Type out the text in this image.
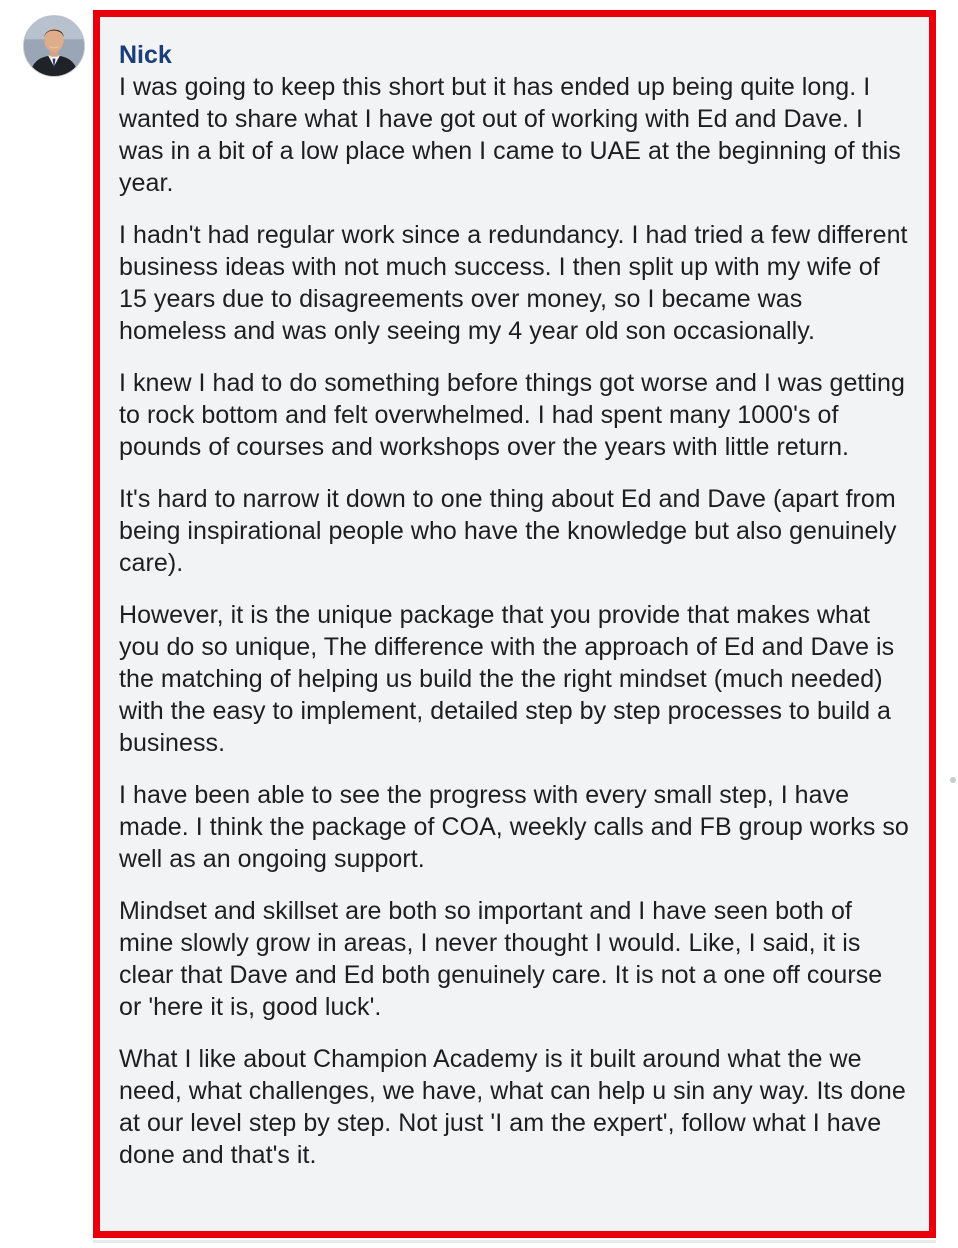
Nick

I was going to keep this short but it has ended up being quite long. I wanted to share what I have got out of working with Ed and Dave. I was in a bit of a low place when I came to UAE at the beginning of this year.

I hadn't had regular work since a redundancy. I had tried a few different business ideas with not much success. I then split up with my wife of 15 years due to disagreements over money, so I became was homeless and was only seeing my 4 year old son occasionally.

I knew I had to do something before things got worse and I was getting to rock bottom and felt overwhelmed. I had spent many 1000's of pounds of courses and workshops over the years with little return.

It's hard to narrow it down to one thing about Ed and Dave (apart from being inspirational people who have the knowledge but also genuinely care).

However, it is the unique package that you provide that makes what you do so unique, The difference with the approach of Ed and Dave is the matching of helping us build the the right mindset (much needed) with the easy to implement, detailed step by step processes to build a business.

I have been able to see the progress with every small step, I have made. I think the package of COA, weekly calls and FB group works so well as an ongoing support.

Mindset and skillset are both so important and I have seen both of mine slowly grow in areas, I never thought I would. Like, I said, it is clear that Dave and Ed both genuinely care. It is not a one off course or 'here it is, good luck'.

What I like about Champion Academy is it built around what the we need, what challenges, we have, what can help u sin any way. Its done at our level step by step. Not just 'I am the expert', follow what I have done and that's it.
